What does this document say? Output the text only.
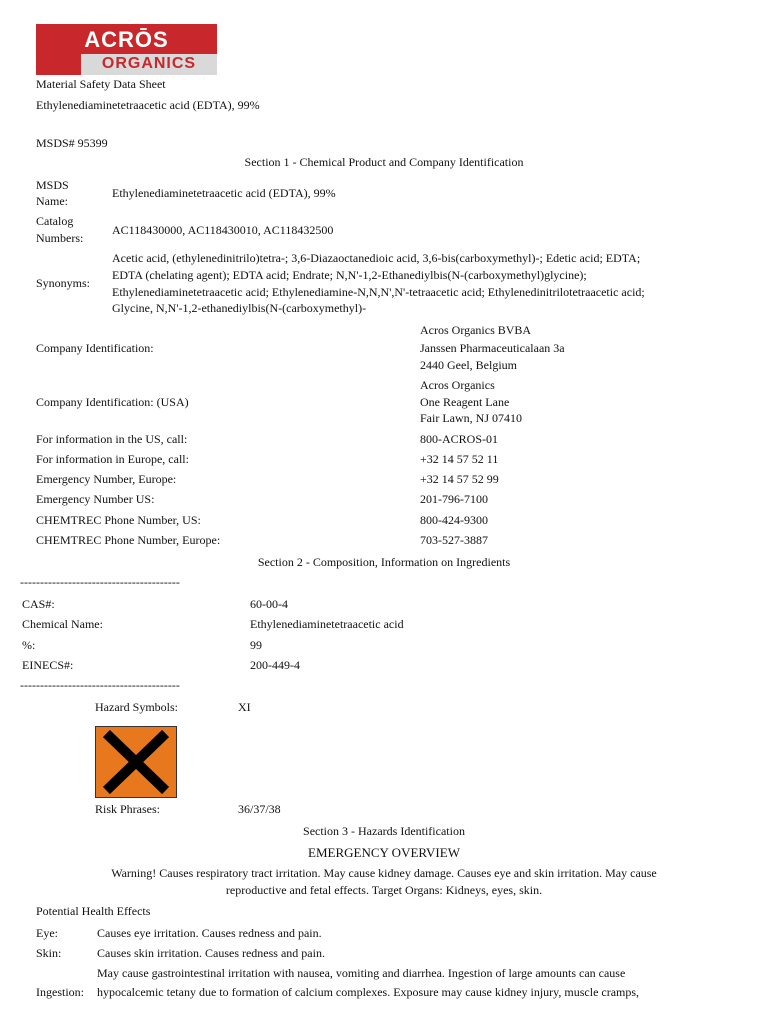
ACRŌS
ORGANICS
Material Safety Data Sheet
Ethylenediaminetetraacetic acid (EDTA), 99%
MSDS# 95399
Section 1 - Chemical Product and Company Identification
MSDS
Name:
Ethylenediaminetetraacetic acid (EDTA), 99%
Catalog
Numbers:
AC118430000, AC118430010, AC118432500
Synonyms:
Acetic acid, (ethylenedinitrilo)tetra-; 3,6-Diazaoctanedioic acid, 3,6-bis(carboxymethyl)-; Edetic acid; EDTA;
EDTA (chelating agent); EDTA acid; Endrate; N,N'-1,2-Ethanediylbis(N-(carboxymethyl)glycine);
Ethylenediaminetetraacetic acid; Ethylenediamine-N,N,N',N'-tetraacetic acid; Ethylenedinitrilotetraacetic acid;
Glycine, N,N'-1,2-ethanediylbis(N-(carboxymethyl)-
Company Identification:
Acros Organics BVBA
Janssen Pharmaceuticalaan 3a
2440 Geel, Belgium
Company Identification: (USA)
Acros Organics
One Reagent Lane
Fair Lawn, NJ 07410
For information in the US, call:	800-ACROS-01
For information in Europe, call:	+32 14 57 52 11
Emergency Number, Europe:	+32 14 57 52 99
Emergency Number US:	201-796-7100
CHEMTREC Phone Number, US:	800-424-9300
CHEMTREC Phone Number, Europe:	703-527-3887
Section 2 - Composition, Information on Ingredients
----------------------------------------
CAS#:	60-00-4
Chemical Name:	Ethylenediaminetetraacetic acid
%:	99
EINECS#:	200-449-4
----------------------------------------
Hazard Symbols:	XI
Risk Phrases:	36/37/38
Section 3 - Hazards Identification
EMERGENCY OVERVIEW
Warning! Causes respiratory tract irritation. May cause kidney damage. Causes eye and skin irritation. May cause
reproductive and fetal effects. Target Organs: Kidneys, eyes, skin.
Potential Health Effects
Eye:	Causes eye irritation. Causes redness and pain.
Skin:	Causes skin irritation. Causes redness and pain.
Ingestion:
May cause gastrointestinal irritation with nausea, vomiting and diarrhea. Ingestion of large amounts can cause
hypocalcemic tetany due to formation of calcium complexes. Exposure may cause kidney injury, muscle cramps,
